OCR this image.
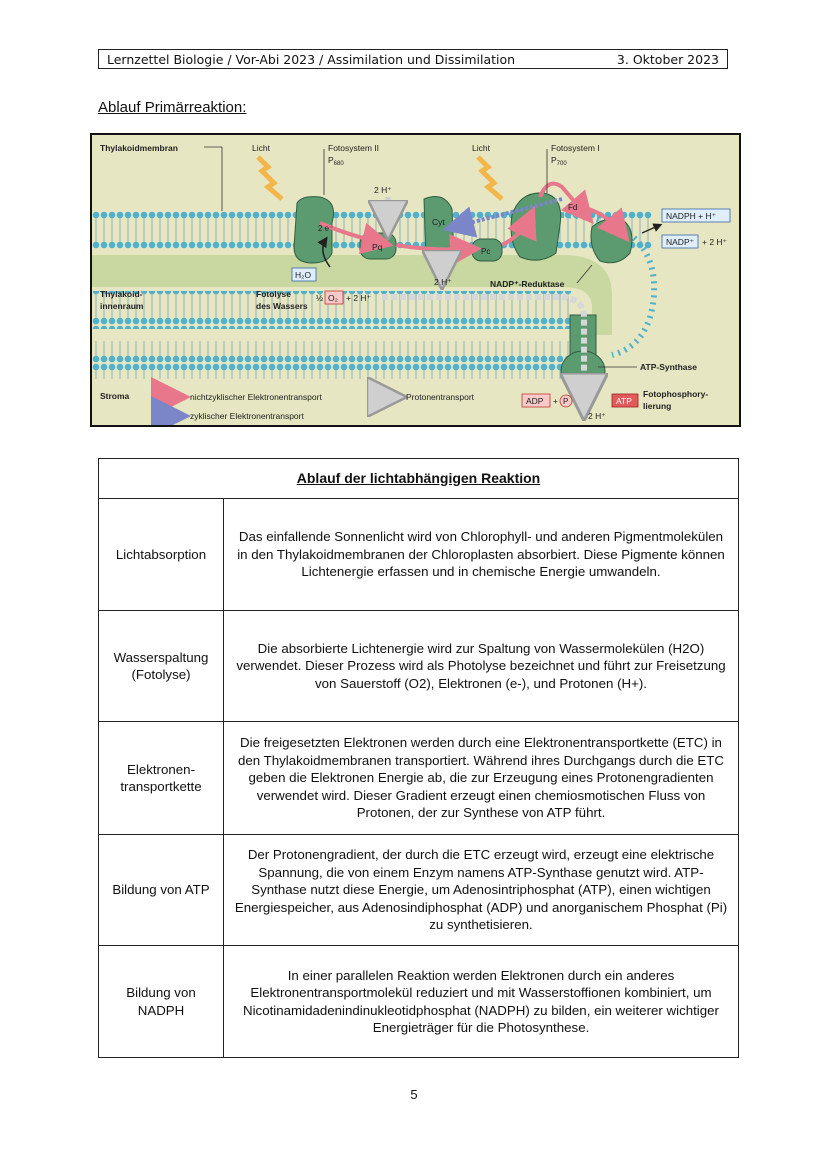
Lernzettel Biologie / Vor-Abi 2023 / Assimilation und Dissimilation	3. Oktober 2023
Ablauf Primärreaktion:
Thylakoidmembran	Licht	Fotosystem II
$P_{680}$
Licht	Fotosystem I
$P_{700}$
2 H⁺
2 e⁻
Pq
Cyt
Pc
Fd
NADPH + H⁺
NADP⁺ + 2 H⁺
H₂O
2 H⁺
Thylakoid-
innenraum
Fotolyse
des Wassers
½ O₂ + 2 H⁺
NADP⁺-Reduktase
ATP-Synthase
Stroma	nichtzyklischer Elektronentransport
zyklischer Elektronentransport
Protonentransport	ADP + P	ATP
Fotophosphory-
lierung
2 H⁺
Ablauf der lichtabhängigen Reaktion	
Lichtabsorption	Das einfallende Sonnenlicht wird von Chlorophyll- und anderen Pigmentmolekülen in den Thylakoidmembranen der Chloroplasten absorbiert. Diese Pigmente können Lichtenergie erfassen und in chemische Energie umwandeln.
Wasserspaltung (Fotolyse)	Die absorbierte Lichtenergie wird zur Spaltung von Wassermolekülen (H2O) verwendet. Dieser Prozess wird als Photolyse bezeichnet und führt zur Freisetzung von Sauerstoff (O2), Elektronen (e-), und Protonen (H+).
Elektronen-transportkette	Die freigesetzten Elektronen werden durch eine Elektronentransportkette (ETC) in den Thylakoidmembranen transportiert. Während ihres Durchgangs durch die ETC geben die Elektronen Energie ab, die zur Erzeugung eines Protonengradienten verwendet wird. Dieser Gradient erzeugt einen chemiosmotischen Fluss von Protonen, der zur Synthese von ATP führt.
Bildung von ATP	Der Protonengradient, der durch die ETC erzeugt wird, erzeugt eine elektrische Spannung, die von einem Enzym namens ATP-Synthase genutzt wird. ATP-Synthase nutzt diese Energie, um Adenosintriphosphat (ATP), einen wichtigen Energiespeicher, aus Adenosindiphosphat (ADP) und anorganischem Phosphat (Pi) zu synthetisieren.
Bildung von NADPH	In einer parallelen Reaktion werden Elektronen durch ein anderes Elektronentransportmolekül reduziert und mit Wasserstoffionen kombiniert, um Nicotinamidadenindinukleotidphosphat (NADPH) zu bilden, ein weiterer wichtiger Energieträger für die Photosynthese.
5
